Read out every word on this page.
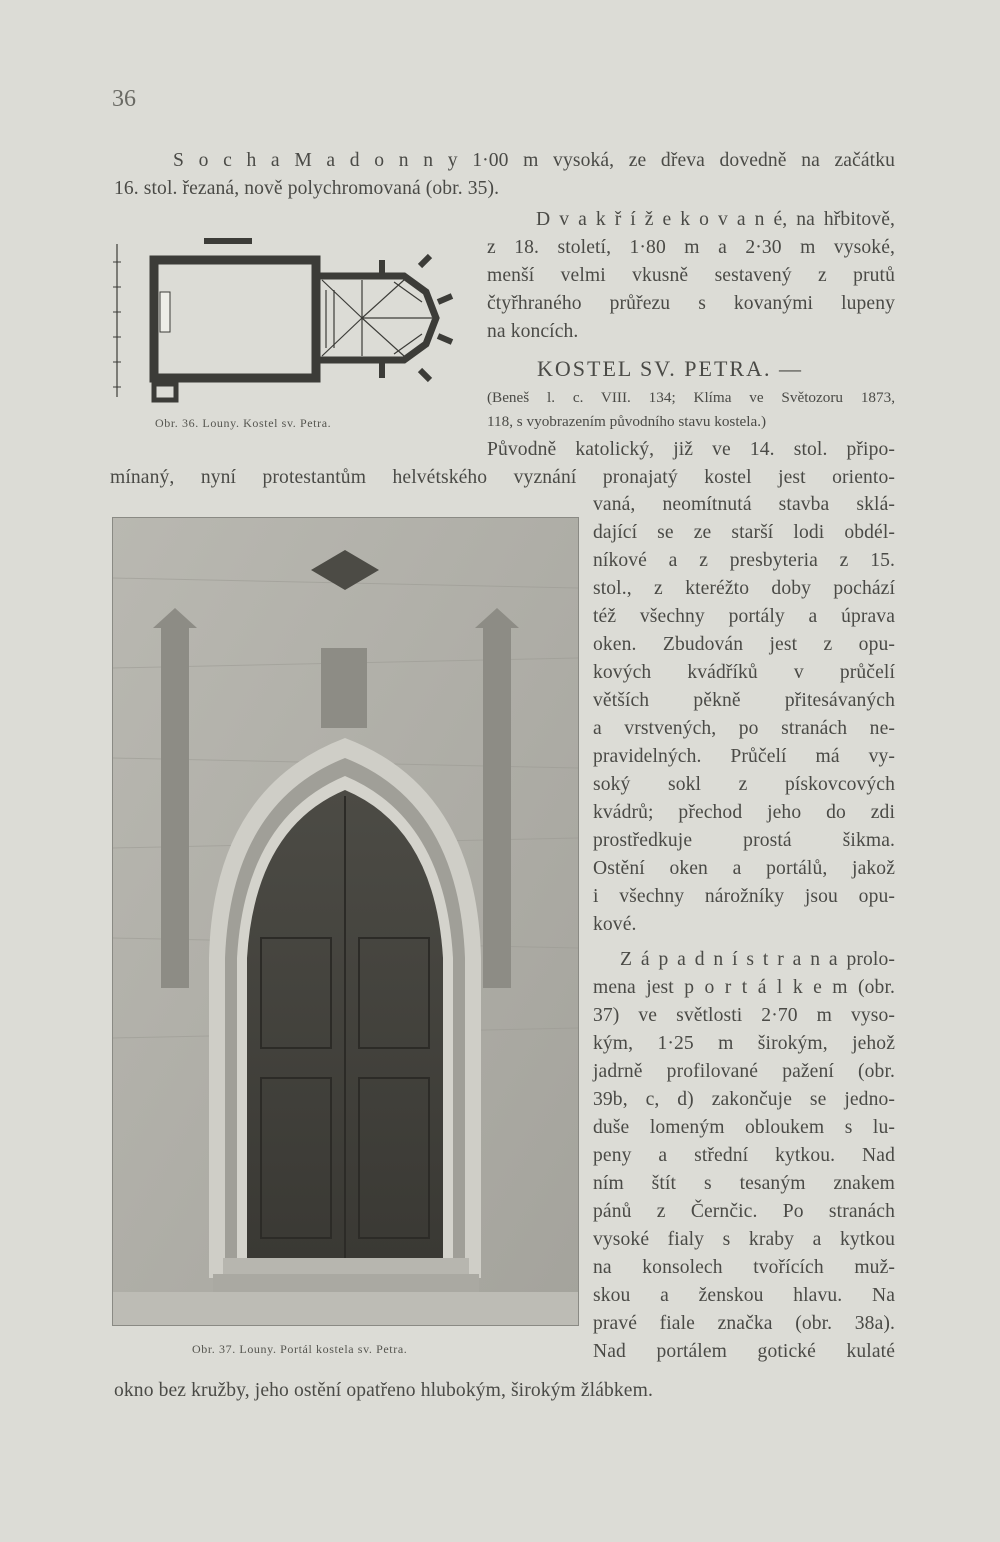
36
S o c h a M a d o n n y 1·00 m vysoká, ze dřeva dovedně na začátku
16. stol. řezaná, nově polychromovaná (obr. 35).
D v a k ř í ž e k o v a n é, na hřbitově,
z 18. století, 1·80 m a 2·30 m vysoké,
menší velmi vkusně sestavený z prutů
čtyřhraného průřezu s kovanými lupeny
na koncích.
Obr. 36. Louny. Kostel sv. Petra.
KOSTEL SV. PETRA. —
(Beneš l. c. VIII. 134; Klíma ve Světozoru 1873,
118, s vyobrazením původního stavu kostela.)
Původně katolický, již ve 14. stol. připo-
mínaný, nyní protestantům helvétského vyznání pronajatý kostel jest oriento-
vaná, neomítnutá stavba sklá-
dající se ze starší lodi obdél-
níkové a z presbyteria z 15.
stol., z kteréžto doby pochází
též všechny portály a úprava
oken. Zbudován jest z opu-
kových kvádříků v průčelí
větších pěkně přitesávaných
a vrstvených, po stranách ne-
pravidelných. Průčelí má vy-
soký sokl z pískovcových
kvádrů; přechod jeho do zdi
prostředkuje prostá šikma.
Ostění oken a portálů, jakož
i všechny nárožníky jsou opu-
kové.
Z á p a d n í s t r a n a prolo-
mena jest p o r t á l k e m (obr.
37) ve světlosti 2·70 m vyso-
kým, 1·25 m širokým, jehož
jadrně profilované pažení (obr.
39b, c, d) zakončuje se jedno-
duše lomeným obloukem s lu-
peny a střední kytkou. Nad
ním štít s tesaným znakem
pánů z Černčic. Po stranách
vysoké fialy s kraby a kytkou
na konsolech tvořících muž-
skou a ženskou hlavu. Na
pravé fiale značka (obr. 38a).
Nad portálem gotické kulaté
Obr. 37. Louny. Portál kostela sv. Petra.
okno bez kružby, jeho ostění opatřeno hlubokým, širokým žlábkem.
